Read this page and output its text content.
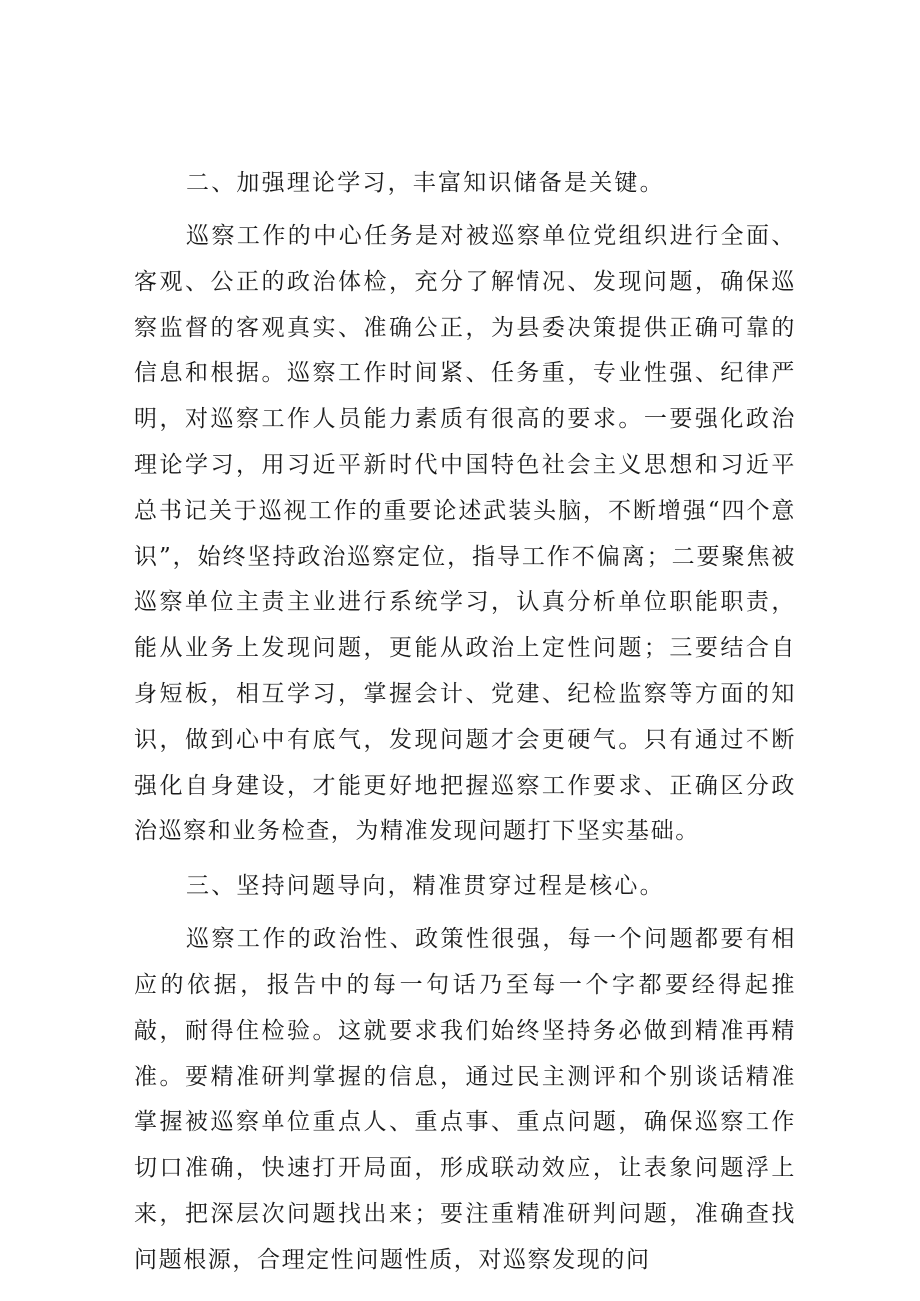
二、加强理论学习，丰富知识储备是关键。

巡察工作的中心任务是对被巡察单位党组织进行全面、客观、公正的政治体检，充分了解情况、发现问题，确保巡察监督的客观真实、准确公正，为县委决策提供正确可靠的信息和根据。巡察工作时间紧、任务重，专业性强、纪律严明，对巡察工作人员能力素质有很高的要求。一要强化政治理论学习，用习近平新时代中国特色社会主义思想和习近平总书记关于巡视工作的重要论述武装头脑，不断增强“四个意识”，始终坚持政治巡察定位，指导工作不偏离；二要聚焦被巡察单位主责主业进行系统学习，认真分析单位职能职责，能从业务上发现问题，更能从政治上定性问题；三要结合自身短板，相互学习，掌握会计、党建、纪检监察等方面的知识，做到心中有底气，发现问题才会更硬气。只有通过不断强化自身建设，才能更好地把握巡察工作要求、正确区分政治巡察和业务检查，为精准发现问题打下坚实基础。

三、坚持问题导向，精准贯穿过程是核心。

巡察工作的政治性、政策性很强，每一个问题都要有相应的依据，报告中的每一句话乃至每一个字都要经得起推敲，耐得住检验。这就要求我们始终坚持务必做到精准再精准。要精准研判掌握的信息，通过民主测评和个别谈话精准掌握被巡察单位重点人、重点事、重点问题，确保巡察工作切口准确，快速打开局面，形成联动效应，让表象问题浮上来，把深层次问题找出来；要注重精准研判问题，准确查找问题根源，合理定性问题性质，对巡察发现的问
